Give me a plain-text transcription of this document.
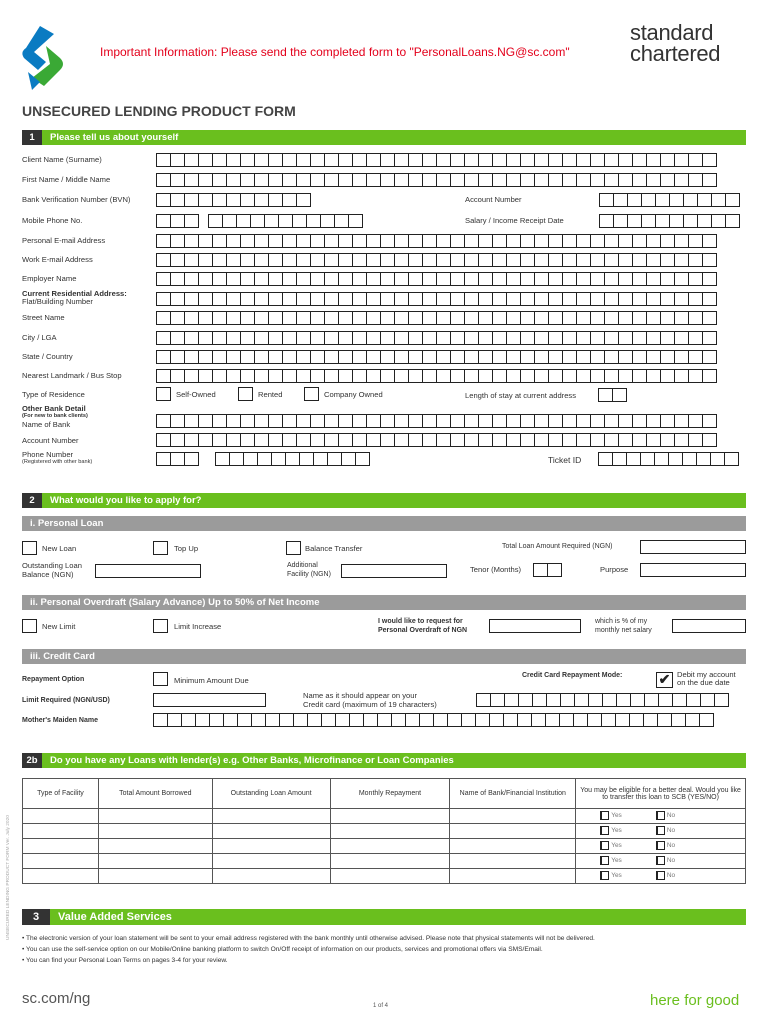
Important Information: Please send the completed form to "PersonalLoans.NG@sc.com"
standard
chartered
UNSECURED LENDING PRODUCT FORM
1	Please tell us about yourself
Client Name (Surname)
First Name / Middle Name
Bank Verification Number (BVN)	Account Number
Mobile Phone No.	Salary / Income Receipt Date
Personal E-mail Address
Work E-mail Address
Employer Name
Current Residential Address:
Flat/Building Number
Street Name
City / LGA
State / Country
Nearest Landmark / Bus Stop
Type of Residence	Self-Owned	Rented	Company Owned	Length of stay at current address
Other Bank Detail
(For new to bank clients)
Name of Bank
Account Number
Phone Number
(Registered with other bank)	Ticket ID
2	What would you like to apply for?
i. Personal Loan
New Loan	Top Up	Balance Transfer	Total Loan Amount Required (NGN)
Outstanding Loan
Balance (NGN)
Additional
Facility (NGN)
Tenor (Months)	Purpose
ii. Personal Overdraft (Salary Advance) Up to 50% of Net Income
New Limit	Limit Increase
I would like to request for
Personal Overdraft of NGN
which is % of my
monthly net salary
iii. Credit Card
Repayment Option	Minimum Amount Due
Credit Card Repayment Mode:	✔ Debit my account
on the due date
Limit Required (NGN/USD)
Name as it should appear on your
Credit card (maximum of 19 characters)
Mother's Maiden Name
2b	Do you have any Loans with lender(s) e.g. Other Banks, Microfinance or Loan Companies
Type of Facility	Total Amount Borrowed	Outstanding Loan Amount	Monthly Repayment	Name of Bank/Financial Institution	You may be eligible for a better deal. Would you like to transfer this loan to SCB (YES/NO)

					Yes No

					Yes No

					Yes No

					Yes No

					Yes No
3	Value Added Services
• The electronic version of your loan statement will be sent to your email address registered with the bank monthly until otherwise advised. Please note that physical statements will not be delivered.
• You can use the self-service option on our Mobile/Online banking platform to switch On/Off receipt of information on our products, services and promotional offers via SMS/Email.
• You can find your Personal Loan Terms on pages 3-4 for your review.
UNSECURED LENDING PRODUCT FORM Ver. July 2020
sc.com/ng	1 of 4	here for good
